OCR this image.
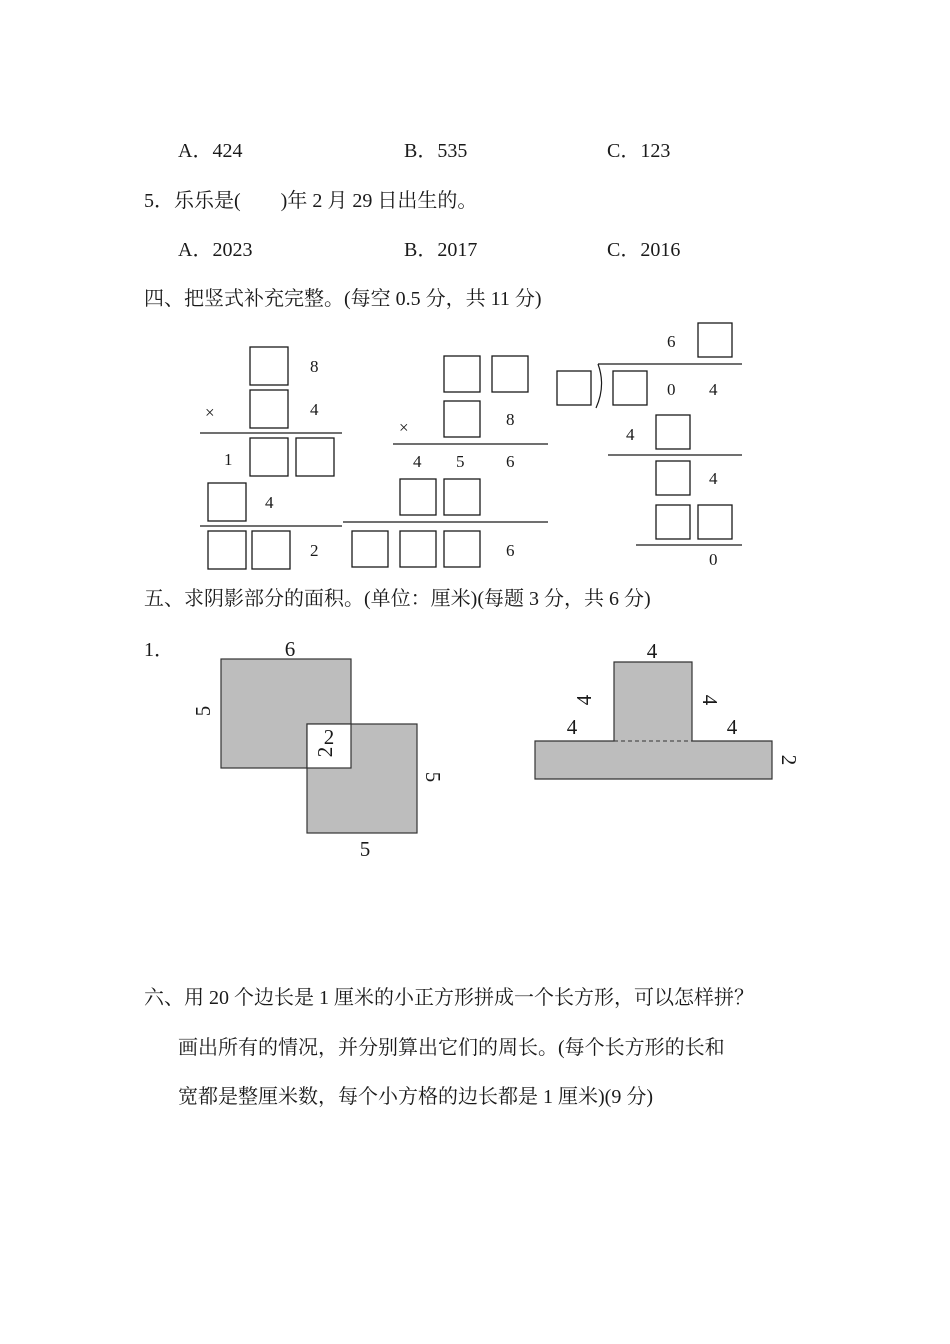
A．424	B．535	C．123
5．乐乐是(　　)年 2 月 29 日出生的。
A．2023	B．2017	C．2016
四、把竖式补充完整。(每空 0.5 分，共 11 分)
8
×	4
1
4
2
×	8
4 5 6
6
6
0 4
4
4
0
五、求阴影部分的面积。(单位：厘米)(每题 3 分，共 6 分)
1．	6
5
2
2
5
5
4
4	4
4	4
2
六、用 20 个边长是 1 厘米的小正方形拼成一个长方形，可以怎样拼？
画出所有的情况，并分别算出它们的周长。(每个长方形的长和
宽都是整厘米数，每个小方格的边长都是 1 厘米)(9 分)
